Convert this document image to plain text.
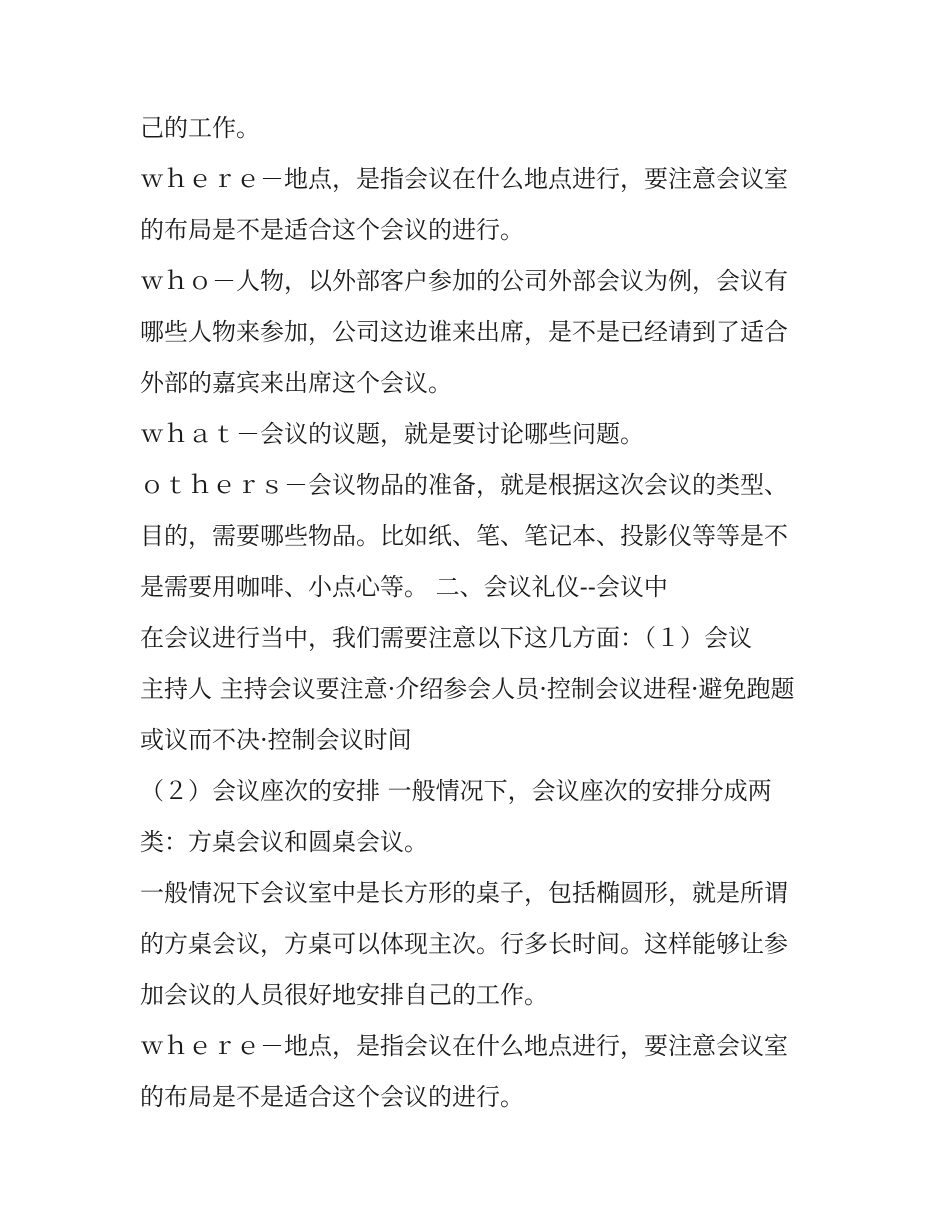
己的工作。
ｗｈｅｒｅ－地点，是指会议在什么地点进行，要注意会议室
的布局是不是适合这个会议的进行。
ｗｈｏ－人物，以外部客户参加的公司外部会议为例，会议有
哪些人物来参加，公司这边谁来出席，是不是已经请到了适合
外部的嘉宾来出席这个会议。
ｗｈａｔ－会议的议题，就是要讨论哪些问题。
ｏｔｈｅｒｓ－会议物品的准备，就是根据这次会议的类型、
目的，需要哪些物品。比如纸、笔、笔记本、投影仪等等是不
是需要用咖啡、小点心等。 二、会议礼仪--会议中
在会议进行当中，我们需要注意以下这几方面：（１）会议
主持人 主持会议要注意·介绍参会人员·控制会议进程·避免跑题
或议而不决·控制会议时间
（２）会议座次的安排 一般情况下，会议座次的安排分成两
类：方桌会议和圆桌会议。
一般情况下会议室中是长方形的桌子，包括椭圆形，就是所谓
的方桌会议，方桌可以体现主次。行多长时间。这样能够让参
加会议的人员很好地安排自己的工作。
ｗｈｅｒｅ－地点，是指会议在什么地点进行，要注意会议室
的布局是不是适合这个会议的进行。
